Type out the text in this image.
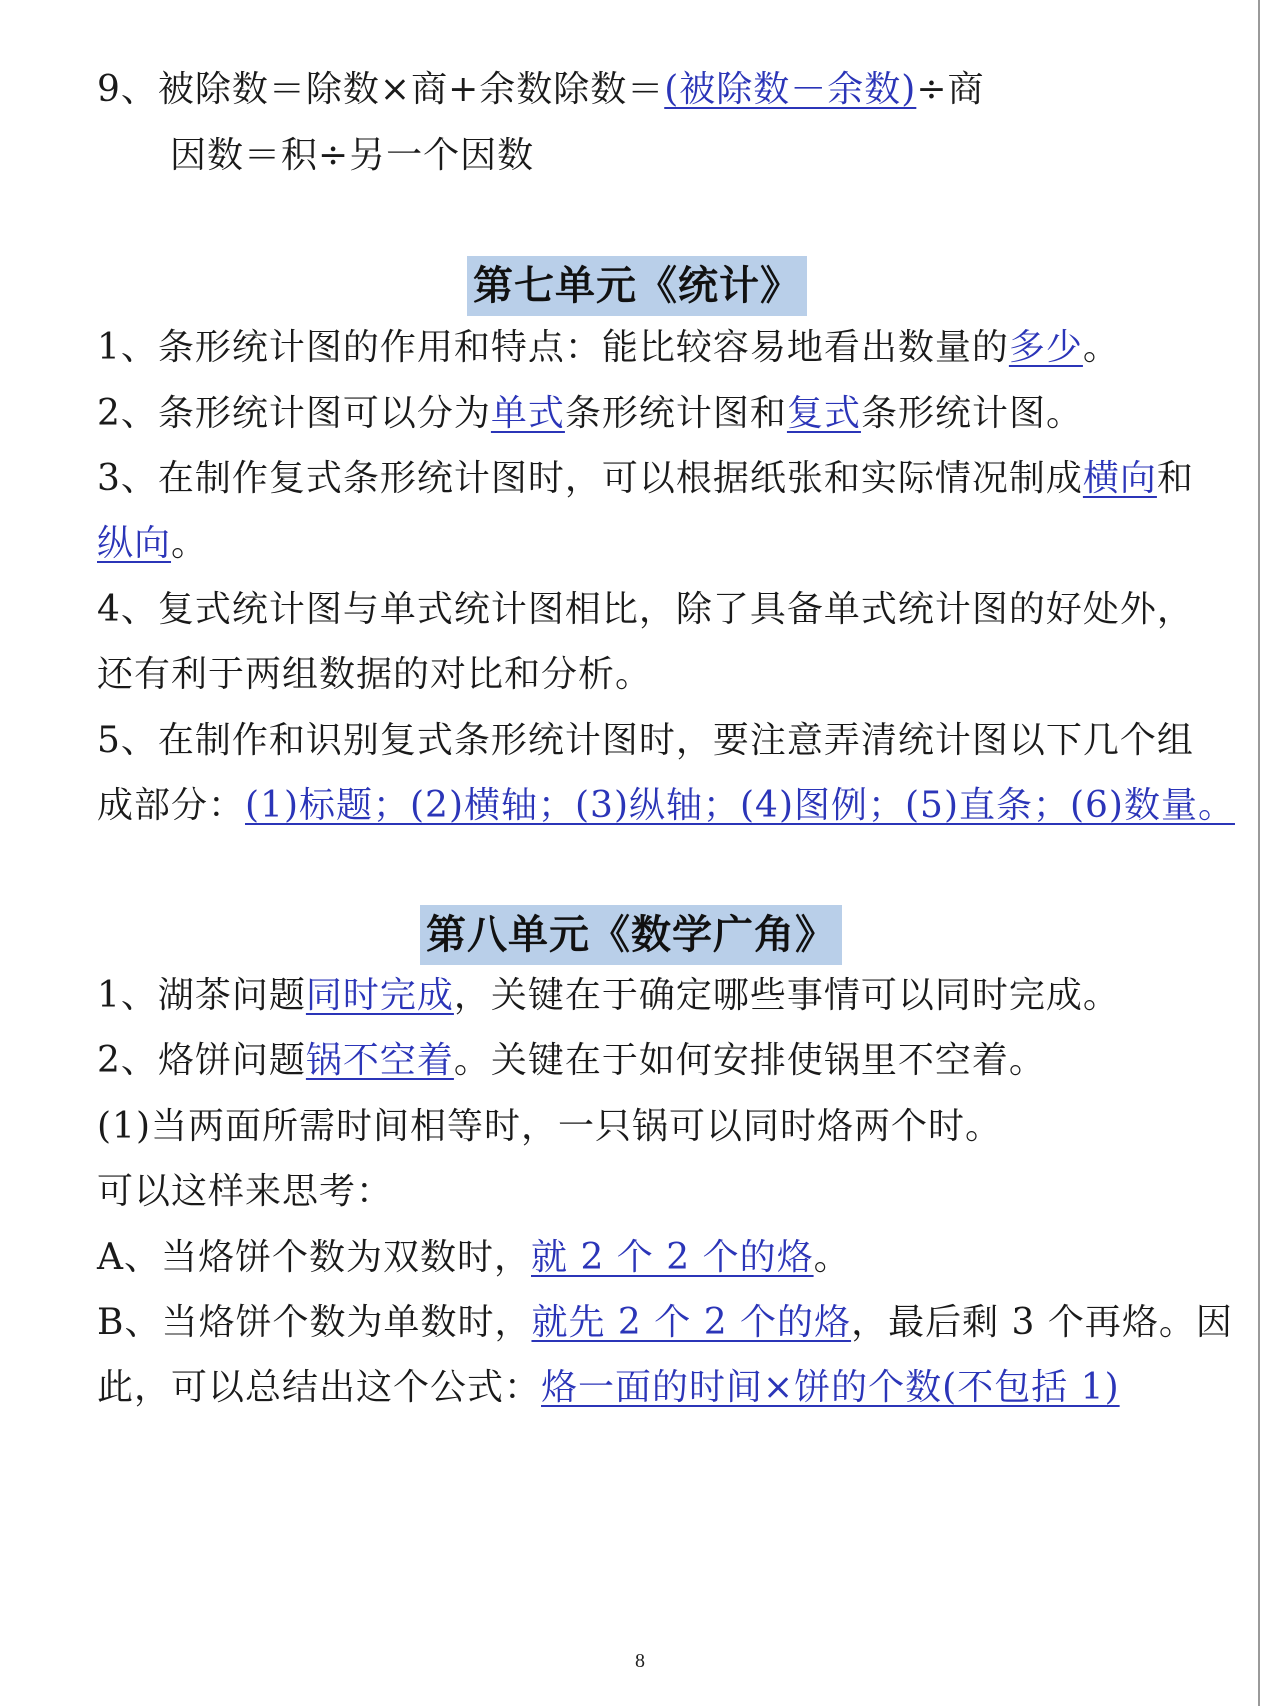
9、被除数＝除数×商+余数除数＝(被除数－余数)÷商

因数＝积÷另一个因数

第七单元《统计》

1、条形统计图的作用和特点：能比较容易地看出数量的多少。

2、条形统计图可以分为单式条形统计图和复式条形统计图。

3、在制作复式条形统计图时，可以根据纸张和实际情况制成横向和

纵向。

4、复式统计图与单式统计图相比，除了具备单式统计图的好处外，

还有利于两组数据的对比和分析。

5、在制作和识别复式条形统计图时，要注意弄清统计图以下几个组

成部分：(1)标题；(2)横轴；(3)纵轴；(4)图例；(5)直条；(6)数量。

第八单元《数学广角》

1、湖茶问题同时完成，关键在于确定哪些事情可以同时完成。

2、烙饼问题锅不空着。关键在于如何安排使锅里不空着。

(1)当两面所需时间相等时，一只锅可以同时烙两个时。

可以这样来思考：

A、当烙饼个数为双数时，就 2 个 2 个的烙。

B、当烙饼个数为单数时，就先 2 个 2 个的烙，最后剩 3 个再烙。因

此，可以总结出这个公式：烙一面的时间×饼的个数(不包括 1)

8
